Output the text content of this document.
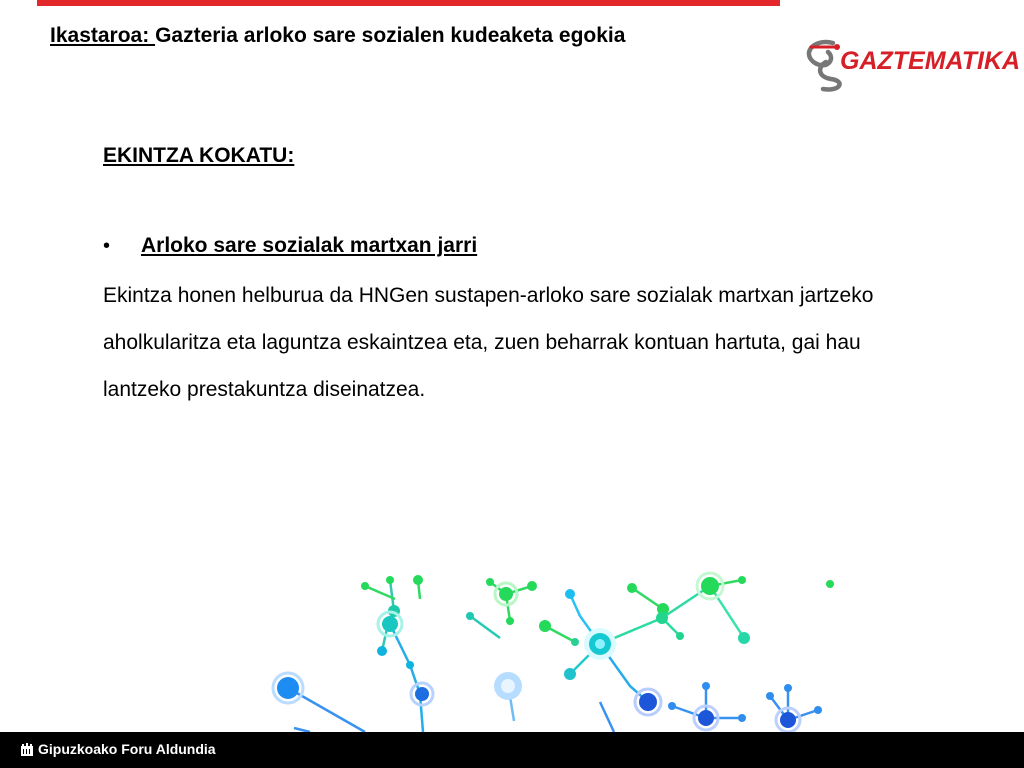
Ikastaroa: Gazteria arloko sare sozialen kudeaketa egokia
GAZTEMATIKA
EKINTZA KOKATU:
•	Arloko sare sozialak martxan jarri

Ekintza honen helburua da HNGen sustapen-arloko sare sozialak martxan jartzeko aholkularitza eta laguntza eskaintzea eta, zuen beharrak kontuan hartuta, gai hau lantzeko prestakuntza diseinatzea.

Gipuzkoako Foru Aldundia
